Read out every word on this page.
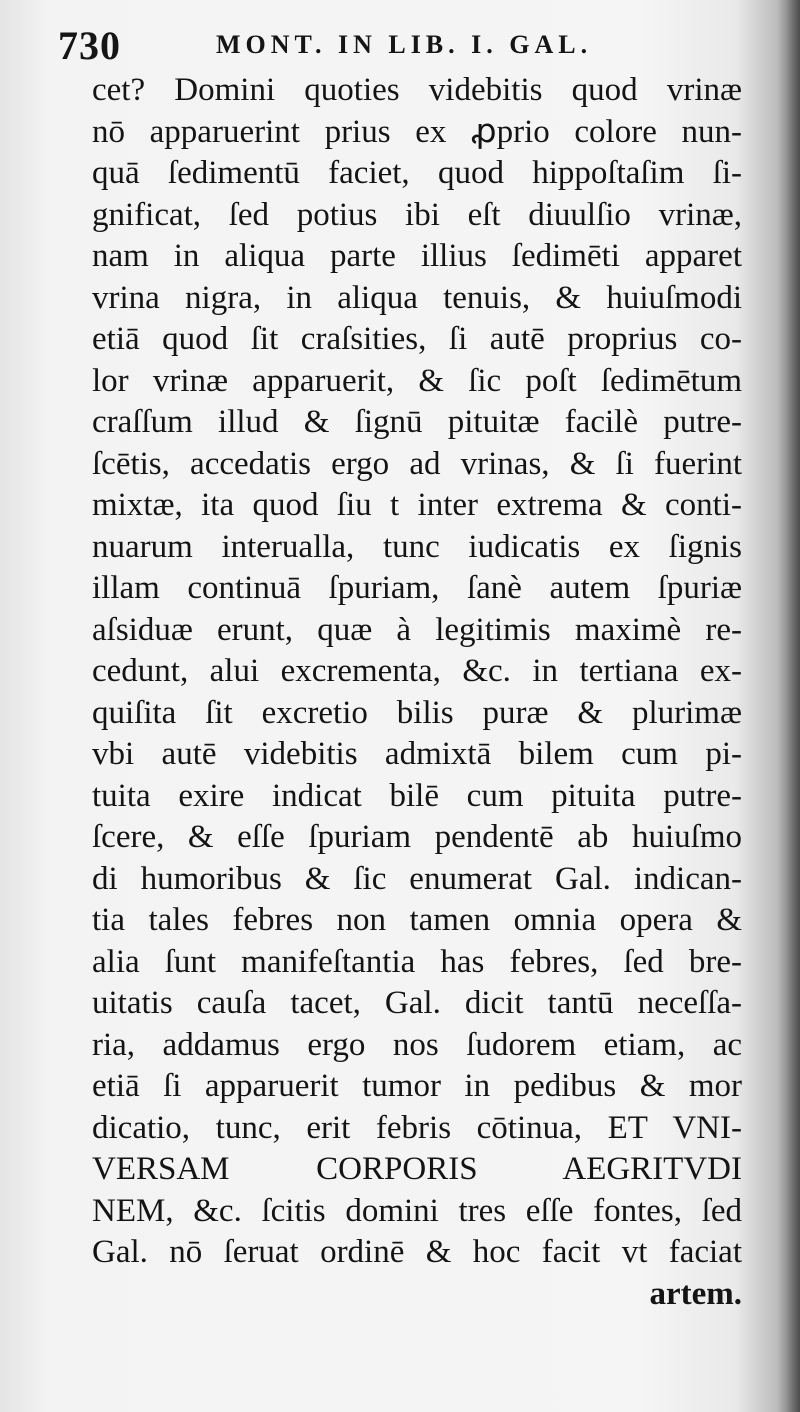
730	MONT. IN LIB. I. GAL.
cet? Domini quoties videbitis quod vrinæ
nō apparuerint prius ex ꝓprio colore nun-
quā ſedimentū faciet, quod hippoſtaſim ſi-
gnificat, ſed potius ibi eſt diuulſio vrinæ,
nam in aliqua parte illius ſedimēti apparet
vrina nigra, in aliqua tenuis, & huiuſmodi
etiā quod ſit craſsities, ſi autē proprius co-
lor vrinæ apparuerit, & ſic poſt ſedimētum
craſſum illud & ſignū pituitæ facilè putre-
ſcētis, accedatis ergo ad vrinas, & ſi fuerint
mixtæ, ita quod ſiu t inter extrema & conti-
nuarum interualla, tunc iudicatis ex ſignis
illam continuā ſpuriam, ſanè autem ſpuriæ
aſsiduæ erunt, quæ à legitimis maximè re-
cedunt, alui excrementa, &c. in tertiana ex-
quiſita ſit excretio bilis puræ & plurimæ
vbi autē videbitis admixtā bilem cum pi-
tuita exire indicat bilē cum pituita putre-
ſcere, & eſſe ſpuriam pendentē ab huiuſmo
di humoribus & ſic enumerat Gal. indican-
tia tales febres non tamen omnia opera &
alia ſunt manifeſtantia has febres, ſed bre-
uitatis cauſa tacet, Gal. dicit tantū neceſſa-
ria, addamus ergo nos ſudorem etiam, ac
etiā ſi apparuerit tumor in pedibus & mor
dicatio, tunc, erit febris cōtinua, ET VNI-
VERSAM CORPORIS AEGRITVDI
NEM, &c. ſcitis domini tres eſſe fontes, ſed
Gal. nō ſeruat ordinē & hoc facit vt faciat
artem.
